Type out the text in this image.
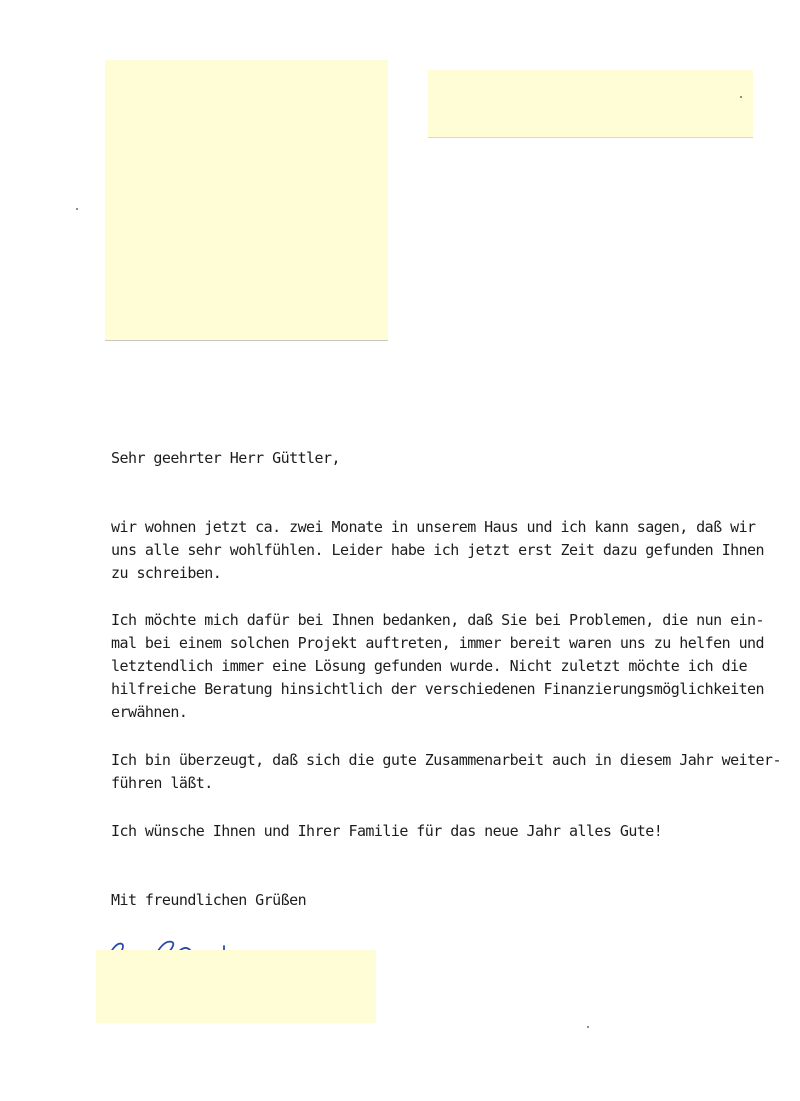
Sehr geehrter Herr Güttler,

wir wohnen jetzt ca. zwei Monate in unserem Haus und ich kann sagen, daß wir
uns alle sehr wohlfühlen. Leider habe ich jetzt erst Zeit dazu gefunden Ihnen
zu schreiben.

Ich möchte mich dafür bei Ihnen bedanken, daß Sie bei Problemen, die nun ein-
mal bei einem solchen Projekt auftreten, immer bereit waren uns zu helfen und
letztendlich immer eine Lösung gefunden wurde. Nicht zuletzt möchte ich die
hilfreiche Beratung hinsichtlich der verschiedenen Finanzierungsmöglichkeiten
erwähnen.

Ich bin überzeugt, daß sich die gute Zusammenarbeit auch in diesem Jahr weiter-
führen läßt.

Ich wünsche Ihnen und Ihrer Familie für das neue Jahr alles Gute!

Mit freundlichen Grüßen
